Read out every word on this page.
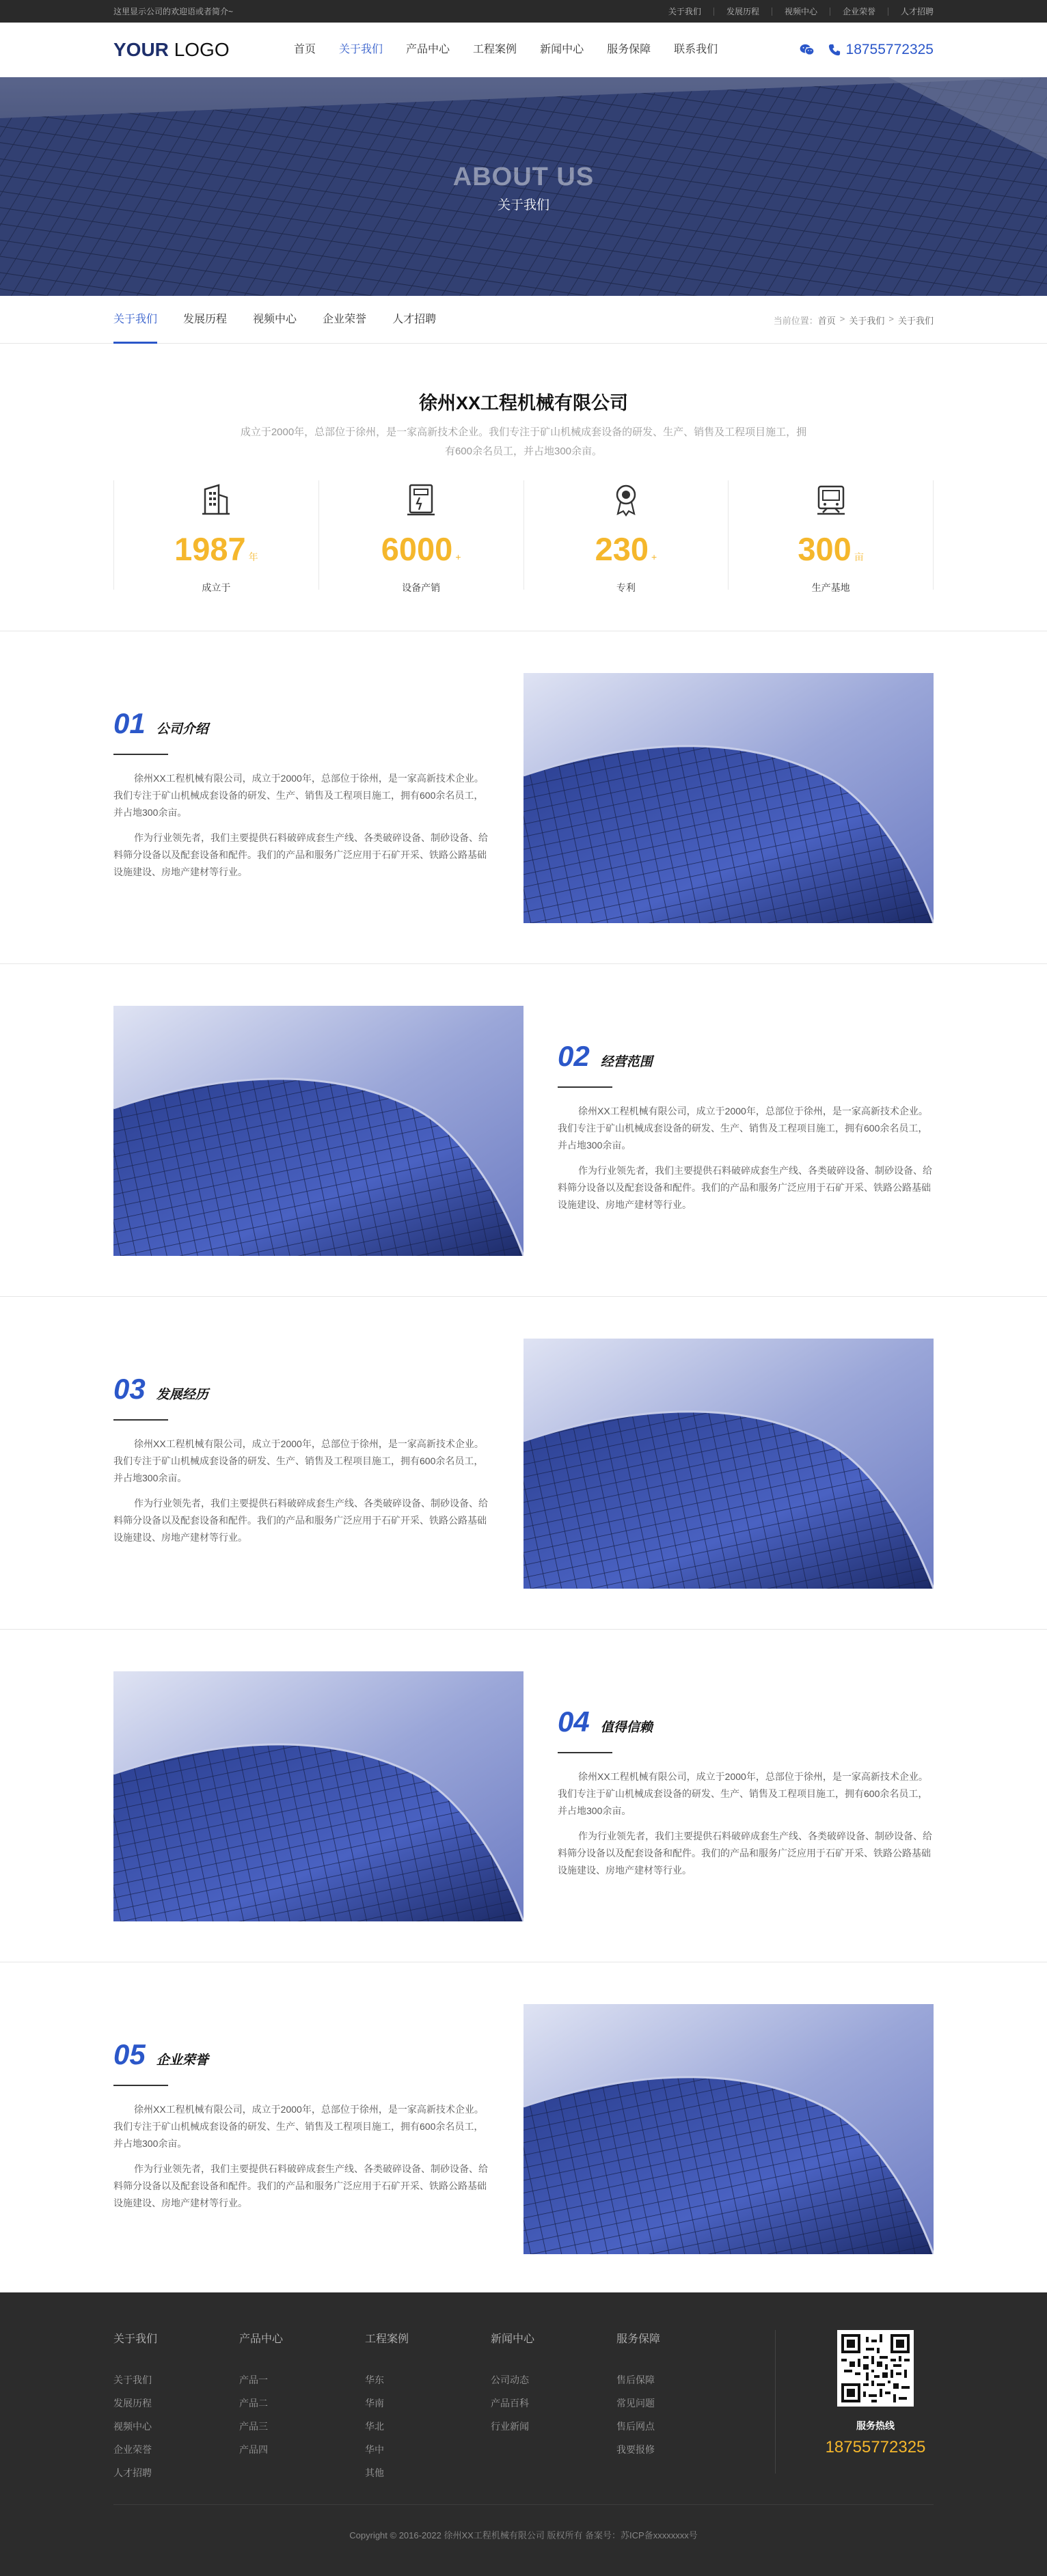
这里显示公司的欢迎语或者简介~	关于我们	发展历程	视频中心	企业荣誉	人才招聘
YOUR LOGO	首页 关于我们 产品中心 工程案例 新闻中心 服务保障 联系我们	18755772325
ABOUT US
关于我们
关于我们 发展历程 视频中心 企业荣誉 人才招聘	当前位置： 首页 > 关于我们 > 关于我们
徐州XX工程机械有限公司

成立于2000年，总部位于徐州，是一家高新技术企业。我们专注于矿山机械成套设备的研发、生产、销售及工程项目施工，拥有600余名员工，并占地300余亩。

1987 年
成立于
6000 +
设备产销
230 +
专利
300 亩
生产基地
01 公司介绍

徐州XX工程机械有限公司，成立于2000年，总部位于徐州，是一家高新技术企业。我们专注于矿山机械成套设备的研发、生产、销售及工程项目施工，拥有600余名员工，并占地300余亩。

作为行业领先者，我们主要提供石料破碎成套生产线、各类破碎设备、制砂设备、给料筛分设备以及配套设备和配件。我们的产品和服务广泛应用于石矿开采、铁路公路基础设施建设、房地产建材等行业。

02 经营范围

徐州XX工程机械有限公司，成立于2000年，总部位于徐州，是一家高新技术企业。我们专注于矿山机械成套设备的研发、生产、销售及工程项目施工，拥有600余名员工，并占地300余亩。

作为行业领先者，我们主要提供石料破碎成套生产线、各类破碎设备、制砂设备、给料筛分设备以及配套设备和配件。我们的产品和服务广泛应用于石矿开采、铁路公路基础设施建设、房地产建材等行业。

03 发展经历

徐州XX工程机械有限公司，成立于2000年，总部位于徐州，是一家高新技术企业。我们专注于矿山机械成套设备的研发、生产、销售及工程项目施工，拥有600余名员工，并占地300余亩。

作为行业领先者，我们主要提供石料破碎成套生产线、各类破碎设备、制砂设备、给料筛分设备以及配套设备和配件。我们的产品和服务广泛应用于石矿开采、铁路公路基础设施建设、房地产建材等行业。

04 值得信赖

徐州XX工程机械有限公司，成立于2000年，总部位于徐州，是一家高新技术企业。我们专注于矿山机械成套设备的研发、生产、销售及工程项目施工，拥有600余名员工，并占地300余亩。

作为行业领先者，我们主要提供石料破碎成套生产线、各类破碎设备、制砂设备、给料筛分设备以及配套设备和配件。我们的产品和服务广泛应用于石矿开采、铁路公路基础设施建设、房地产建材等行业。

05 企业荣誉

徐州XX工程机械有限公司，成立于2000年，总部位于徐州，是一家高新技术企业。我们专注于矿山机械成套设备的研发、生产、销售及工程项目施工，拥有600余名员工，并占地300余亩。

作为行业领先者，我们主要提供石料破碎成套生产线、各类破碎设备、制砂设备、给料筛分设备以及配套设备和配件。我们的产品和服务广泛应用于石矿开采、铁路公路基础设施建设、房地产建材等行业。

关于我们
关于我们
发展历程
视频中心
企业荣誉
人才招聘
产品中心
产品一
产品二
产品三
产品四
工程案例
华东
华南
华北
华中
其他
新闻中心
公司动态
产品百科
行业新闻
服务保障
售后保障
常见问题
售后网点
我要报修
服务热线
18755772325
Copyright © 2016-2022 徐州XX工程机械有限公司 版权所有 备案号：苏ICP备xxxxxxxx号
